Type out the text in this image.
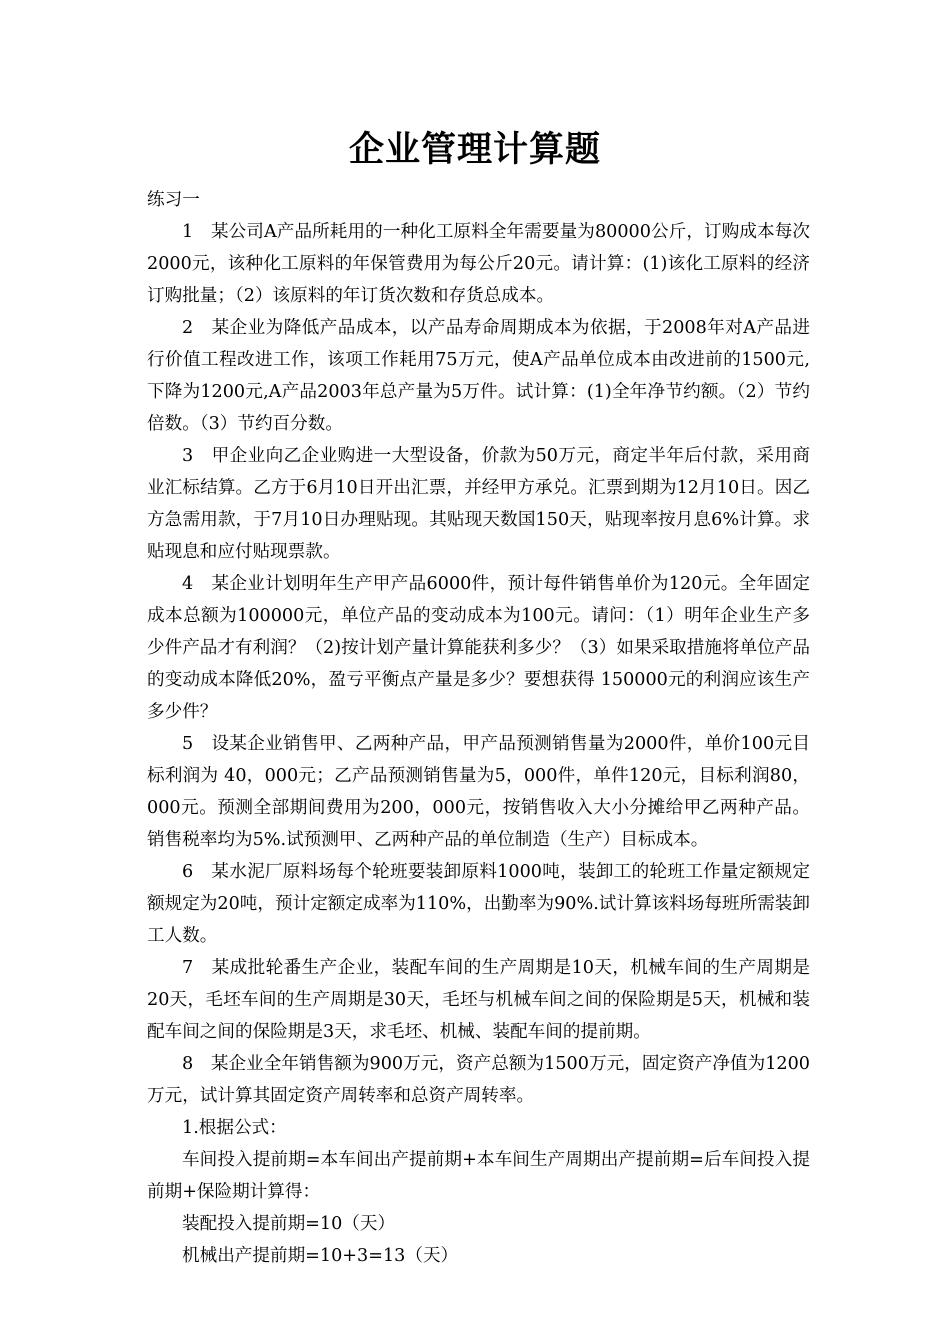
企业管理计算题

练习一

1　某公司A产品所耗用的一种化工原料全年需要量为80000公斤，订购成本每次2000元，该种化工原料的年保管费用为每公斤20元。请计算：(1)该化工原料的经济订购批量；（2）该原料的年订货次数和存货总成本。

2　某企业为降低产品成本，以产品寿命周期成本为依据，于2008年对A产品进行价值工程改进工作，该项工作耗用75万元，使A产品单位成本由改进前的1500元,下降为1200元,A产品2003年总产量为5万件。试计算：(1)全年净节约额。（2）节约倍数。（3）节约百分数。

3　甲企业向乙企业购进一大型设备，价款为50万元，商定半年后付款，采用商业汇标结算。乙方于6月10日开出汇票，并经甲方承兑。汇票到期为12月10日。因乙方急需用款，于7月10日办理贴现。其贴现天数国150天，贴现率按月息6%计算。求贴现息和应付贴现票款。

4　某企业计划明年生产甲产品6000件，预计每件销售单价为120元。全年固定成本总额为100000元，单位产品的变动成本为100元。请问：（1）明年企业生产多少件产品才有利润？（2)按计划产量计算能获利多少？（3）如果采取措施将单位产品的变动成本降低20%，盈亏平衡点产量是多少？要想获得 150000元的利润应该生产多少件？

5　设某企业销售甲、乙两种产品，甲产品预测销售量为2000件，单价100元目标利润为 40，000元；乙产品预测销售量为5，000件，单件120元，目标利润80，000元。预测全部期间费用为200，000元，按销售收入大小分摊给甲乙两种产品。销售税率均为5%.试预测甲、乙两种产品的单位制造（生产）目标成本。

6　某水泥厂原料场每个轮班要装卸原料1000吨，装卸工的轮班工作量定额规定额规定为20吨，预计定额定成率为110%，出勤率为90%.试计算该料场每班所需装卸工人数。

7　某成批轮番生产企业，装配车间的生产周期是10天，机械车间的生产周期是20天，毛坯车间的生产周期是30天，毛坯与机械车间之间的保险期是5天，机械和装配车间之间的保险期是3天，求毛坯、机械、装配车间的提前期。

8　某企业全年销售额为900万元，资产总额为1500万元，固定资产净值为1200万元，试计算其固定资产周转率和总资产周转率。

1.根据公式：

车间投入提前期=本车间出产提前期+本车间生产周期出产提前期=后车间投入提前期+保险期计算得：

装配投入提前期=10（天）

机械出产提前期=10+3=13（天）
